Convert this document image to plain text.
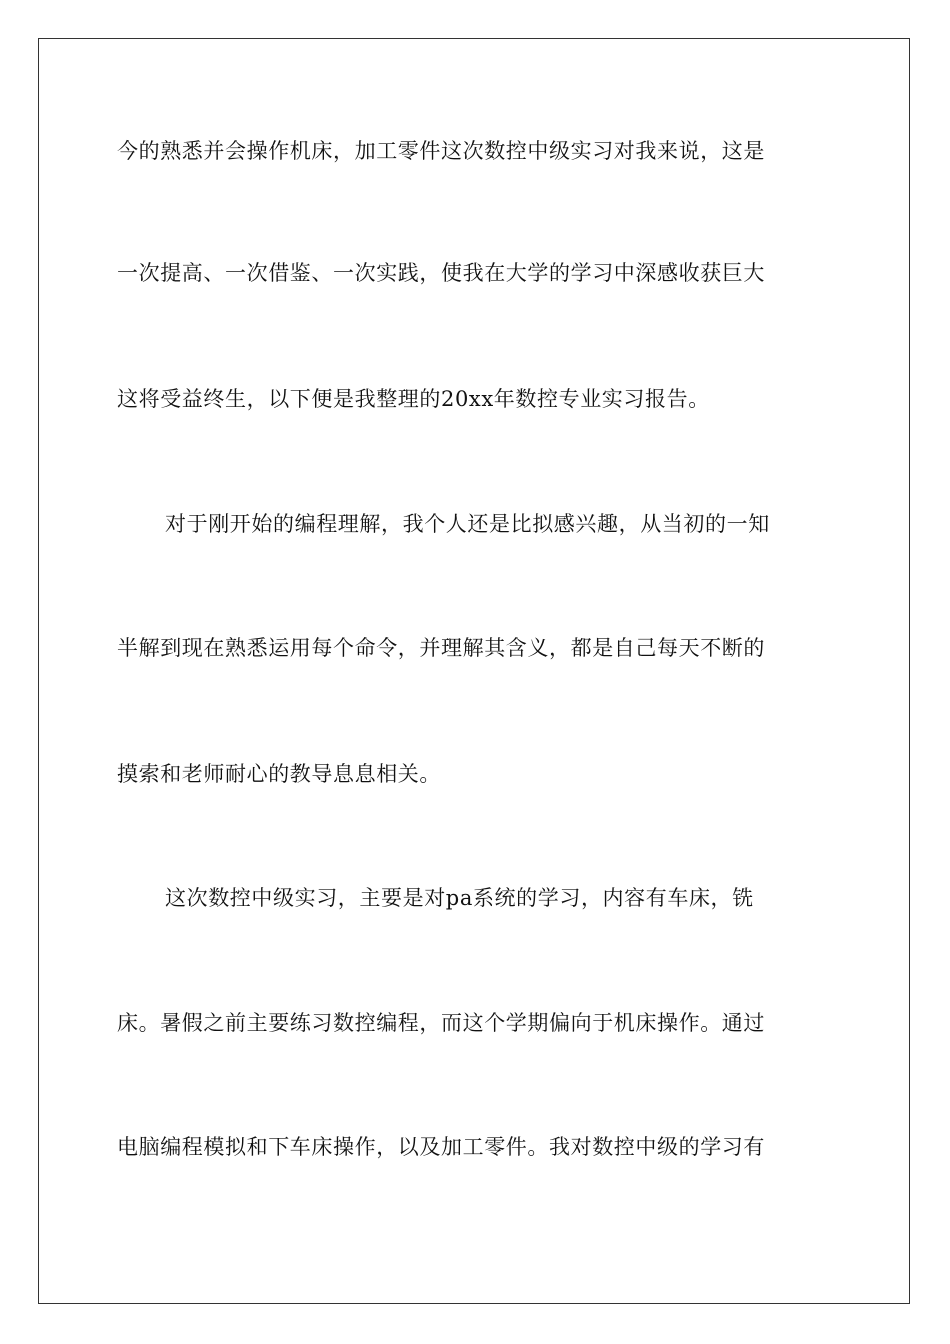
今的熟悉并会操作机床，加工零件这次数控中级实习对我来说，这是
一次提高、一次借鉴、一次实践，使我在大学的学习中深感收获巨大
这将受益终生，以下便是我整理的20xx年数控专业实习报告。
对于刚开始的编程理解，我个人还是比拟感兴趣，从当初的一知
半解到现在熟悉运用每个命令，并理解其含义，都是自己每天不断的
摸索和老师耐心的教导息息相关。
这次数控中级实习，主要是对pa系统的学习，内容有车床，铣
床。暑假之前主要练习数控编程，而这个学期偏向于机床操作。通过
电脑编程模拟和下车床操作，以及加工零件。我对数控中级的学习有
